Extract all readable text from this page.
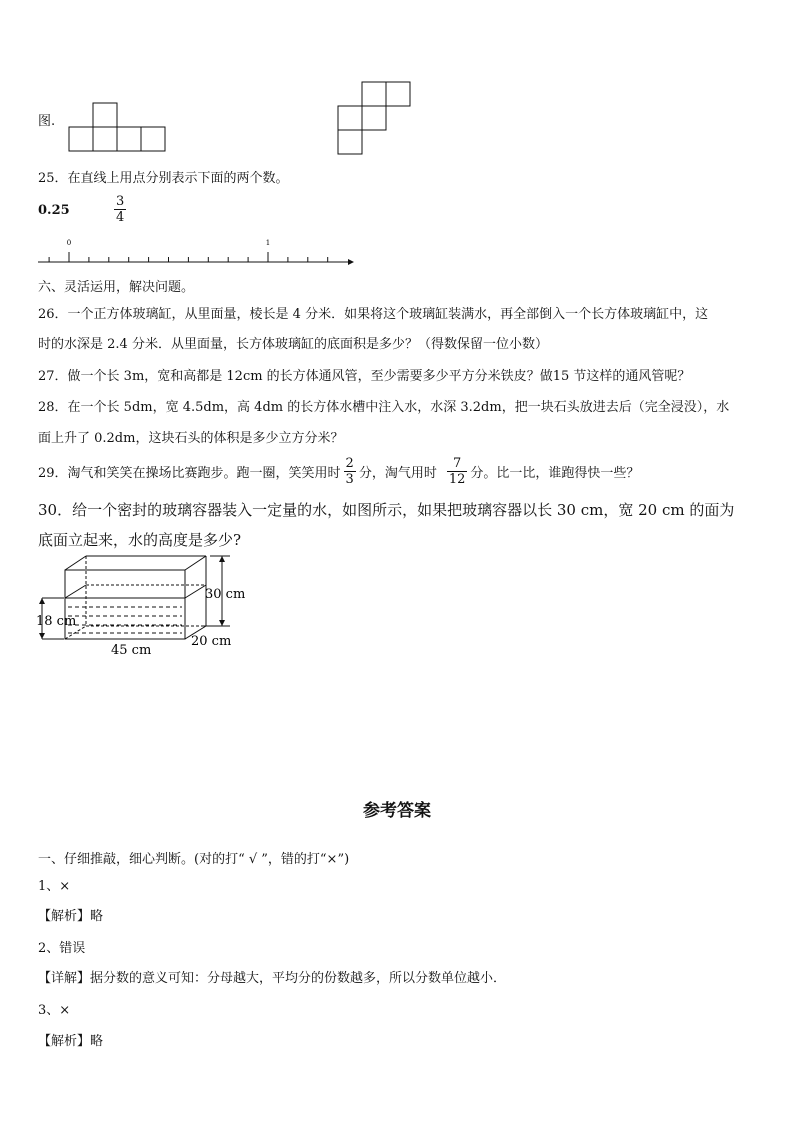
图.
25．在直线上用点分别表示下面的两个数。
0.25	$\frac{3}{4}$
0	1
六、灵活运用，解决问题。
26．一个正方体玻璃缸，从里面量，棱长是 4 分米．如果将这个玻璃缸装满水，再全部倒入一个长方体玻璃缸中，这
时的水深是 2.4 分米．从里面量，长方体玻璃缸的底面积是多少？（得数保留一位小数）
27．做一个长 3m，宽和高都是 12cm 的长方体通风管，至少需要多少平方分米铁皮？做15 节这样的通风管呢？
28．在一个长 5dm，宽 4.5dm，高 4dm 的长方体水槽中注入水，水深 3.2dm，把一块石头放进去后（完全浸没），水
面上升了 0.2dm，这块石头的体积是多少立方分米？
29．淘气和笑笑在操场比赛跑步。跑一圈，笑笑用时 $\frac{2}{3}$ 分，淘气用时 $\frac{7}{12}$ 分。比一比，谁跑得快一些？
30．给一个密封的玻璃容器装入一定量的水，如图所示，如果把玻璃容器以长 30 cm，宽 20 cm 的面为
底面立起来，水的高度是多少?
30 cm
18 cm
20 cm
45 cm
参考答案
一、仔细推敲，细心判断。(对的打“ √ ”，错的打“×”)
1、×
【解析】略
2、错误
【详解】据分数的意义可知：分母越大，平均分的份数越多，所以分数单位越小．
3、×
【解析】略
